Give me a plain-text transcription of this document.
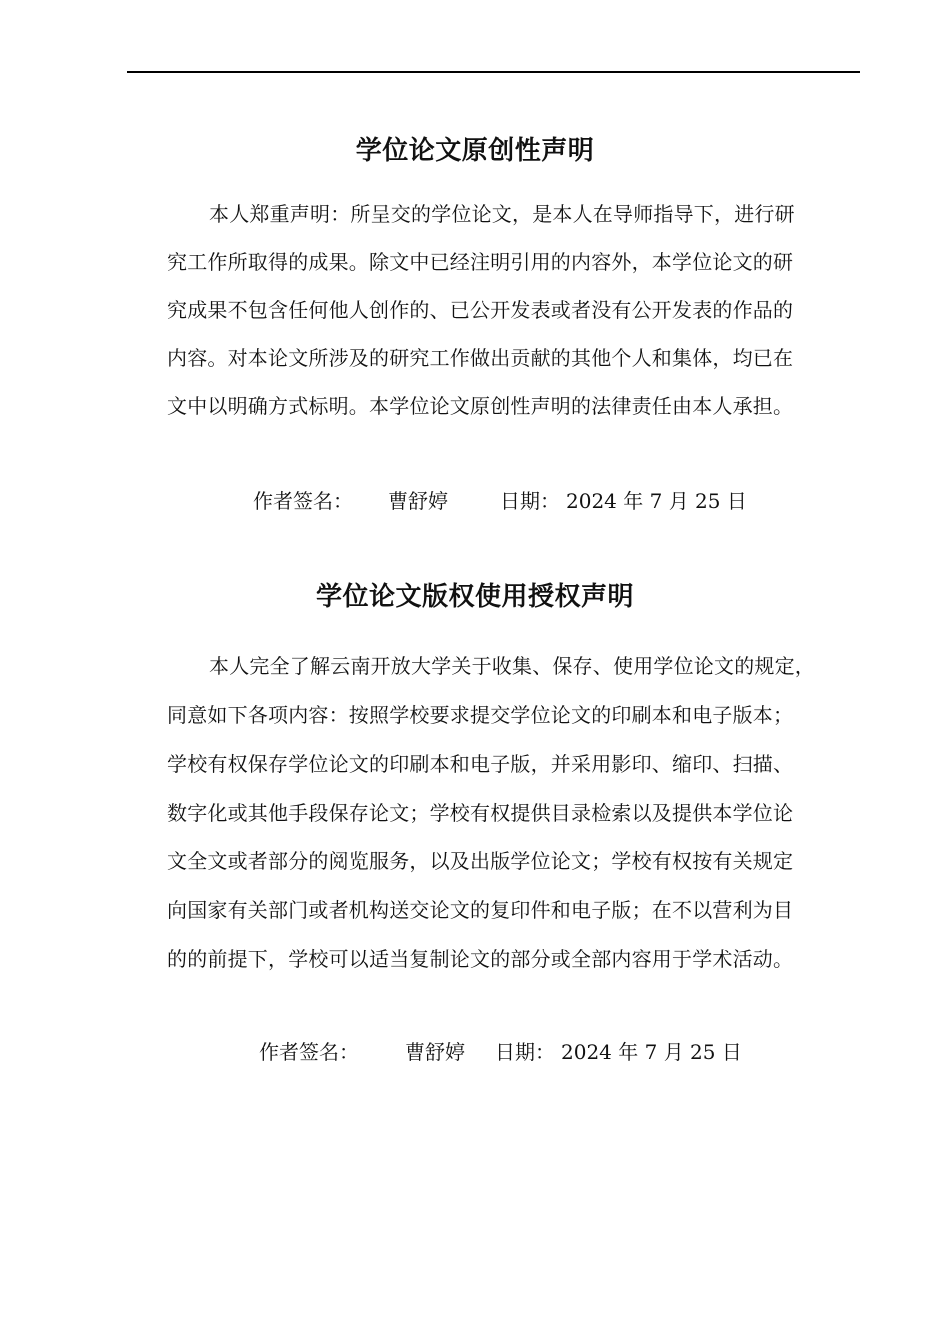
学位论文原创性声明
本人郑重声明：所呈交的学位论文，是本人在导师指导下，进行研
究工作所取得的成果。除文中已经注明引用的内容外，本学位论文的研
究成果不包含任何他人创作的、已公开发表或者没有公开发表的作品的
内容。对本论文所涉及的研究工作做出贡献的其他个人和集体，均已在
文中以明确方式标明。本学位论文原创性声明的法律责任由本人承担。
作者签名： 曹舒婷	日期： 2024 年 7 月 25 日
学位论文版权使用授权声明
本人完全了解云南开放大学关于收集、保存、使用学位论文的规定，
同意如下各项内容：按照学校要求提交学位论文的印刷本和电子版本；
学校有权保存学位论文的印刷本和电子版，并采用影印、缩印、扫描、
数字化或其他手段保存论文；学校有权提供目录检索以及提供本学位论
文全文或者部分的阅览服务，以及出版学位论文；学校有权按有关规定
向国家有关部门或者机构送交论文的复印件和电子版；在不以营利为目
的的前提下，学校可以适当复制论文的部分或全部内容用于学术活动。
作者签名： 曹舒婷 日期： 2024 年 7 月 25 日
